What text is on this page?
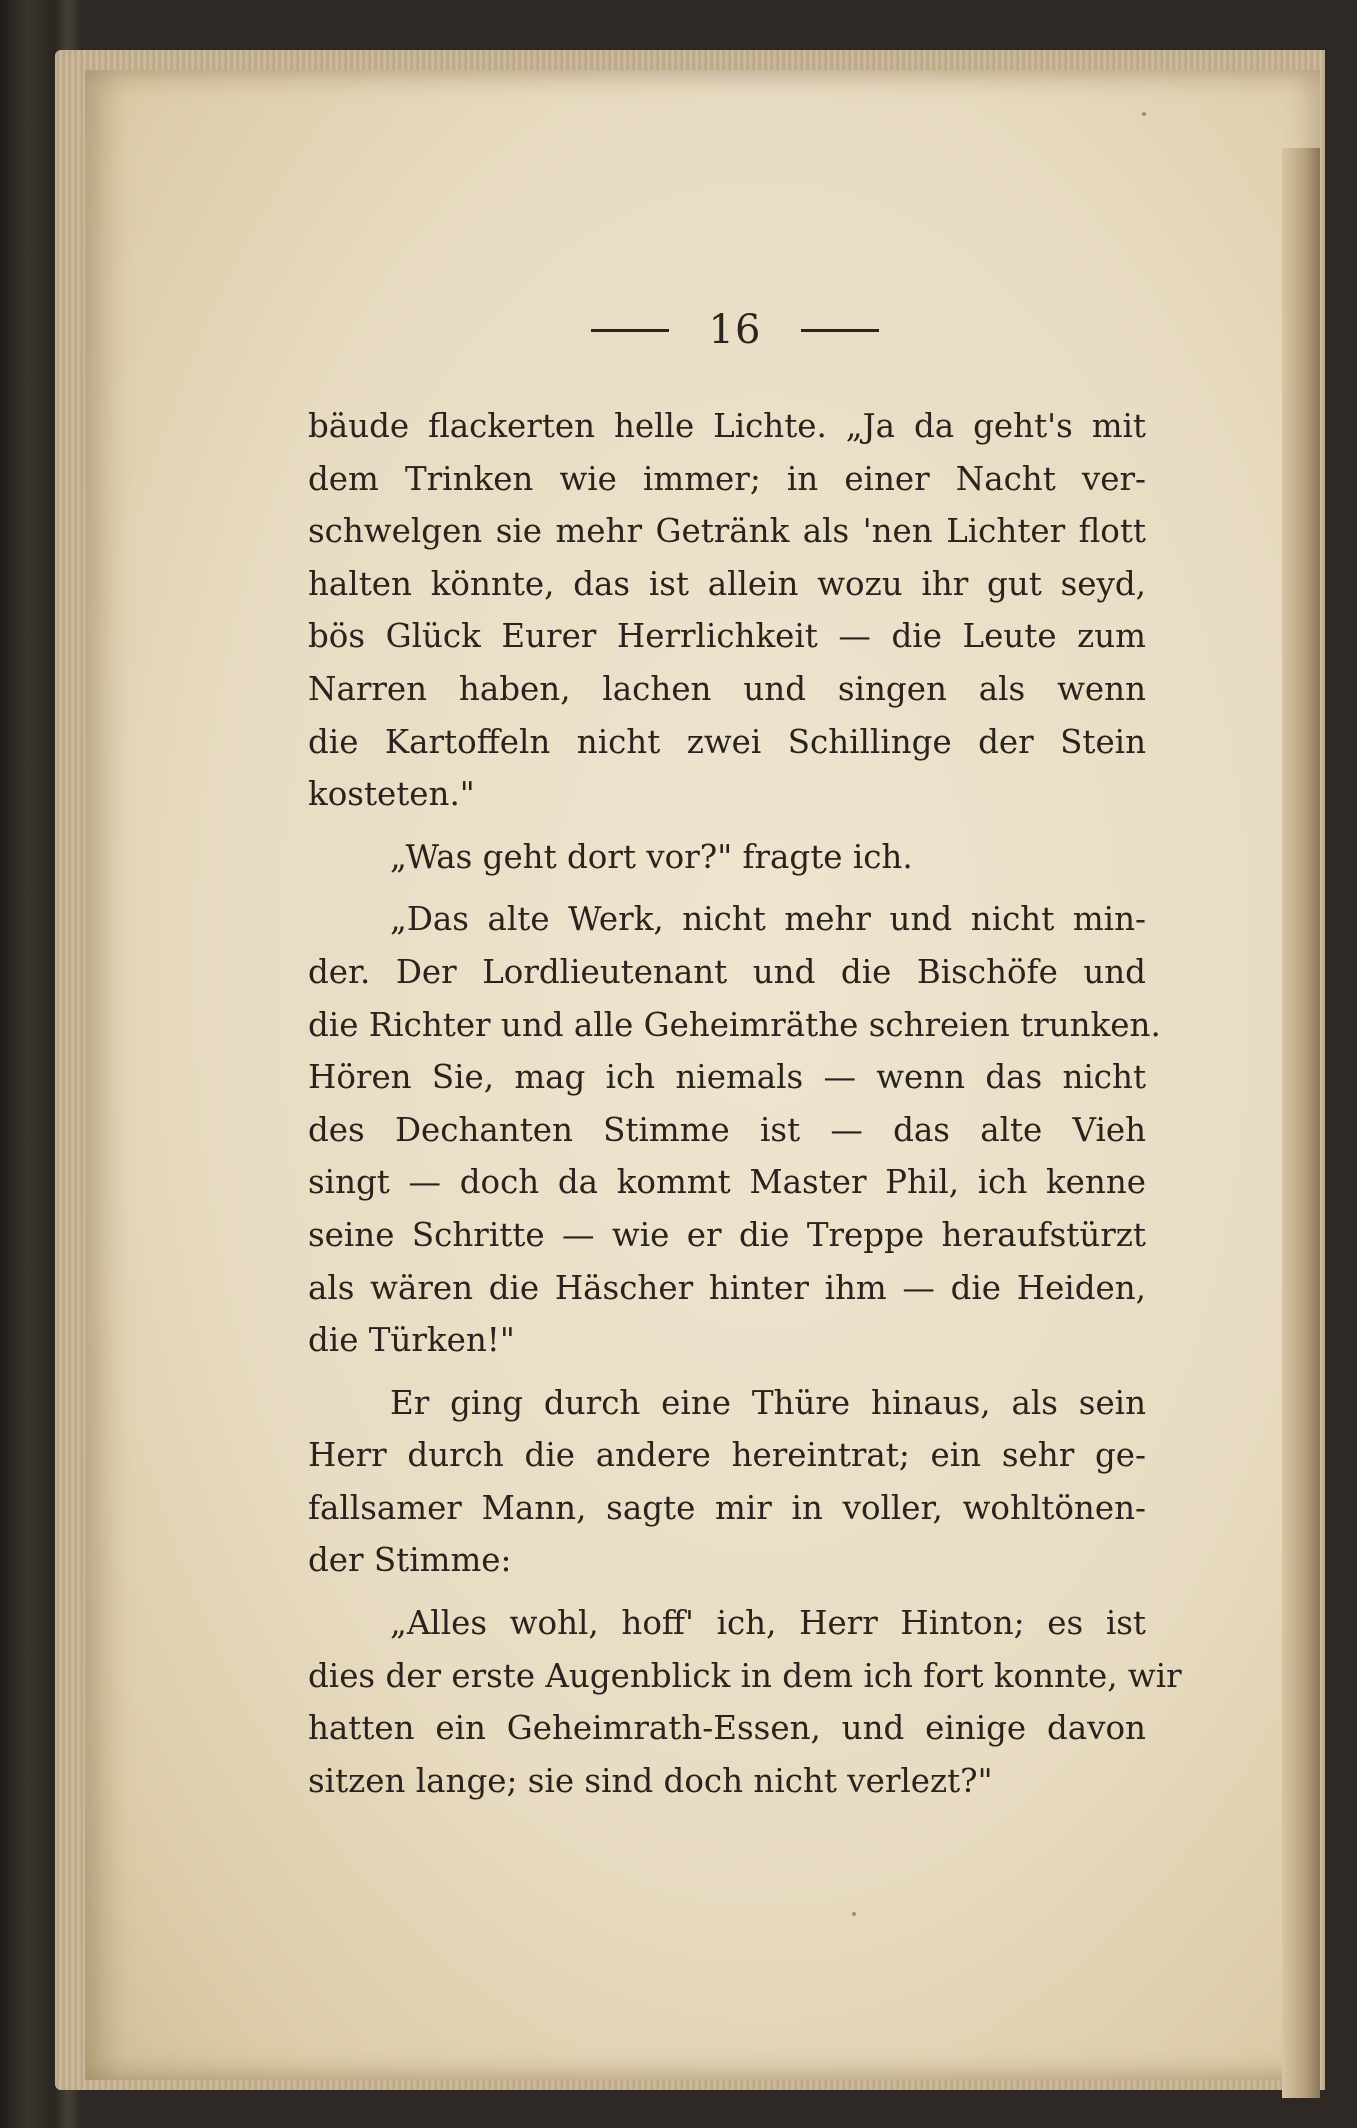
16

bäude flackerten helle Lichte. „Ja da geht's mit
dem Trinken wie immer; in einer Nacht ver-
schwelgen sie mehr Getränk als 'nen Lichter flott
halten könnte, das ist allein wozu ihr gut seyd,
bös Glück Eurer Herrlichkeit — die Leute zum
Narren haben, lachen und singen als wenn
die Kartoffeln nicht zwei Schillinge der Stein
kosteten."

„Was geht dort vor?" fragte ich.

„Das alte Werk, nicht mehr und nicht min-
der. Der Lordlieutenant und die Bischöfe und
die Richter und alle Geheimräthe schreien trunken.
Hören Sie, mag ich niemals — wenn das nicht
des Dechanten Stimme ist — das alte Vieh
singt — doch da kommt Master Phil, ich kenne
seine Schritte — wie er die Treppe heraufstürzt
als wären die Häscher hinter ihm — die Heiden,
die Türken!"

Er ging durch eine Thüre hinaus, als sein
Herr durch die andere hereintrat; ein sehr ge-
fallsamer Mann, sagte mir in voller, wohltönen-
der Stimme:

„Alles wohl, hoff' ich, Herr Hinton; es ist
dies der erste Augenblick in dem ich fort konnte, wir
hatten ein Geheimrath-Essen, und einige davon
sitzen lange; sie sind doch nicht verlezt?"
